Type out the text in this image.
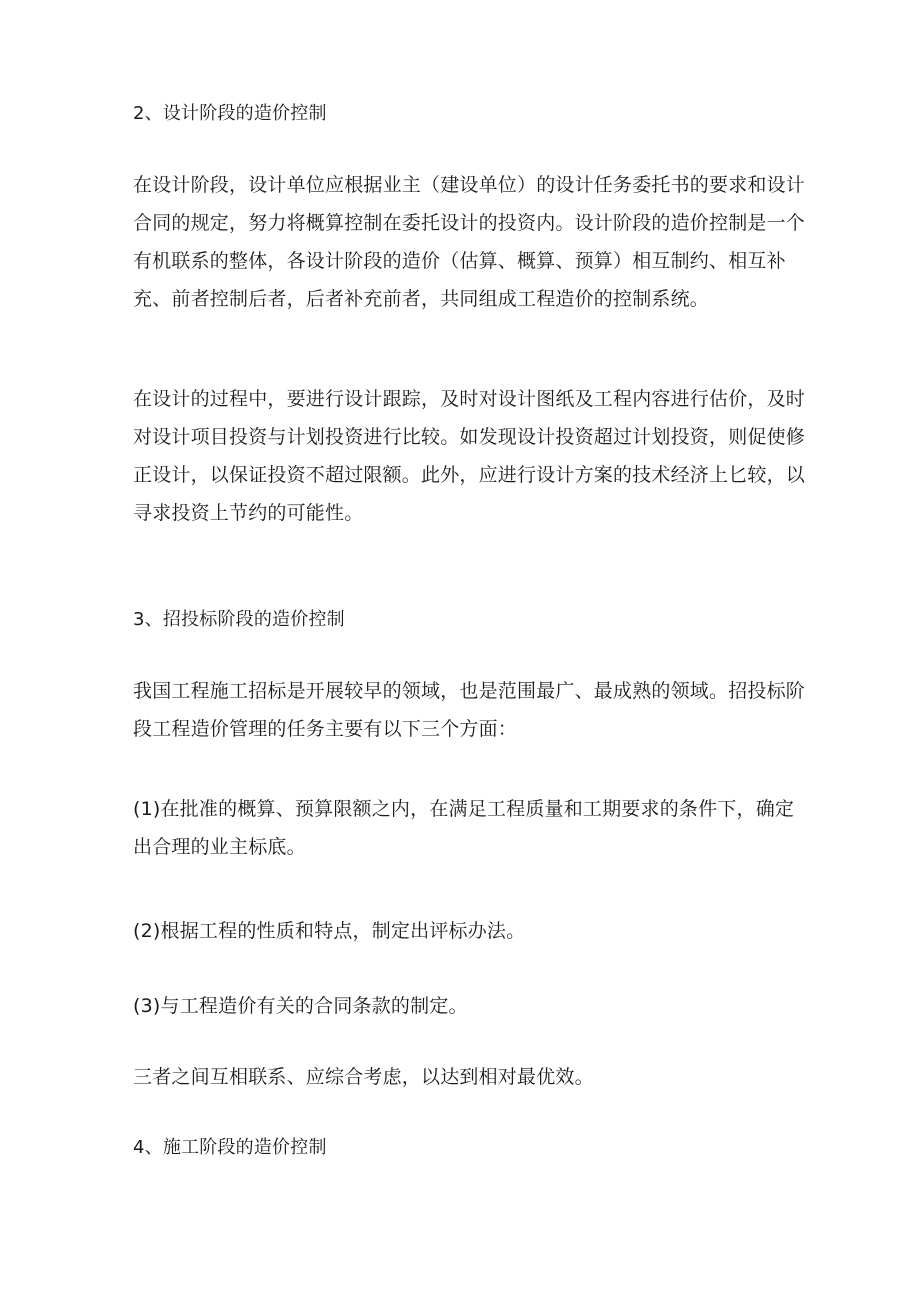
2、设计阶段的造价控制

在设计阶段，设计单位应根据业主（建设单位）的设计任务委托书的要求和设计合同的规定，努力将概算控制在委托设计的投资内。设计阶段的造价控制是一个有机联系的整体，各设计阶段的造价（估算、概算、预算）相互制约、相互补充、前者控制后者，后者补充前者，共同组成工程造价的控制系统。

在设计的过程中，要进行设计跟踪，及时对设计图纸及工程内容进行估价，及时对设计项目投资与计划投资进行比较。如发现设计投资超过计划投资，则促使修正设计，以保证投资不超过限额。此外，应进行设计方案的技术经济上匕较，以寻求投资上节约的可能性。

3、招投标阶段的造价控制

我国工程施工招标是开展较早的领域，也是范围最广、最成熟的领域。招投标阶段工程造价管理的任务主要有以下三个方面：

(1)在批准的概算、预算限额之内，在满足工程质量和工期要求的条件下，确定出合理的业主标底。

(2)根据工程的性质和特点，制定出评标办法。

(3)与工程造价有关的合同条款的制定。

三者之间互相联系、应综合考虑，以达到相对最优效。

4、施工阶段的造价控制
